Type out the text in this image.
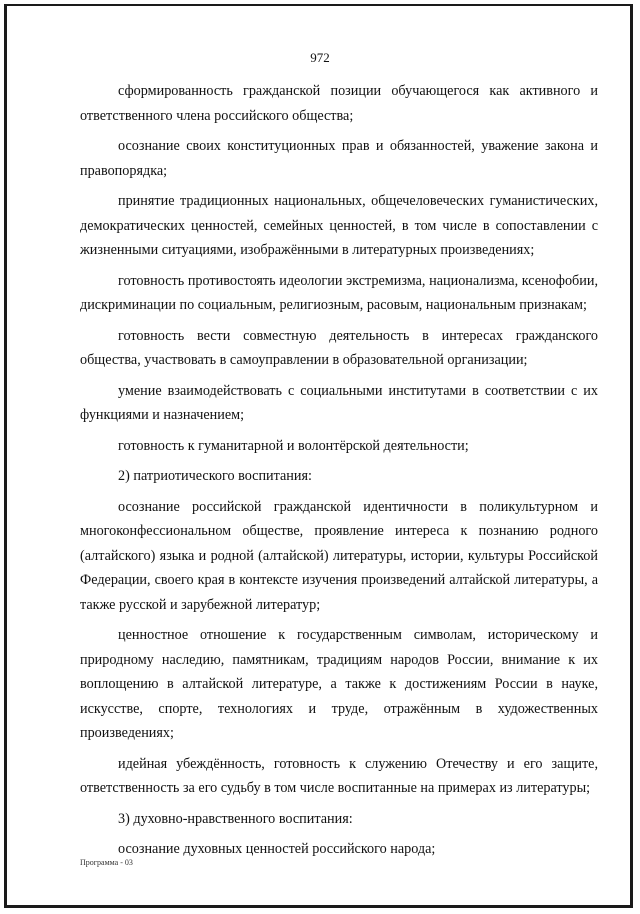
972

сформированность гражданской позиции обучающегося как активного и ответственного члена российского общества;

осознание своих конституционных прав и обязанностей, уважение закона и правопорядка;

принятие традиционных национальных, общечеловеческих гуманистических, демократических ценностей, семейных ценностей, в том числе в сопоставлении с жизненными ситуациями, изображёнными в литературных произведениях;

готовность противостоять идеологии экстремизма, национализма, ксенофобии, дискриминации по социальным, религиозным, расовым, национальным признакам;

готовность вести совместную деятельность в интересах гражданского общества, участвовать в самоуправлении в образовательной организации;

умение взаимодействовать с социальными институтами в соответствии с их функциями и назначением;

готовность к гуманитарной и волонтёрской деятельности;

2) патриотического воспитания:

осознание российской гражданской идентичности в поликультурном и многоконфессиональном обществе, проявление интереса к познанию родного (алтайского) языка и родной (алтайской) литературы, истории, культуры Российской Федерации, своего края в контексте изучения произведений алтайской литературы, а также русской и зарубежной литератур;

ценностное отношение к государственным символам, историческому и природному наследию, памятникам, традициям народов России, внимание к их воплощению в алтайской литературе, а также к достижениям России в науке, искусстве, спорте, технологиях и труде, отражённым в художественных произведениях;

идейная убеждённость, готовность к служению Отечеству и его защите, ответственность за его судьбу в том числе воспитанные на примерах из литературы;

3) духовно-нравственного воспитания:

осознание духовных ценностей российского народа;

Программа - 03
